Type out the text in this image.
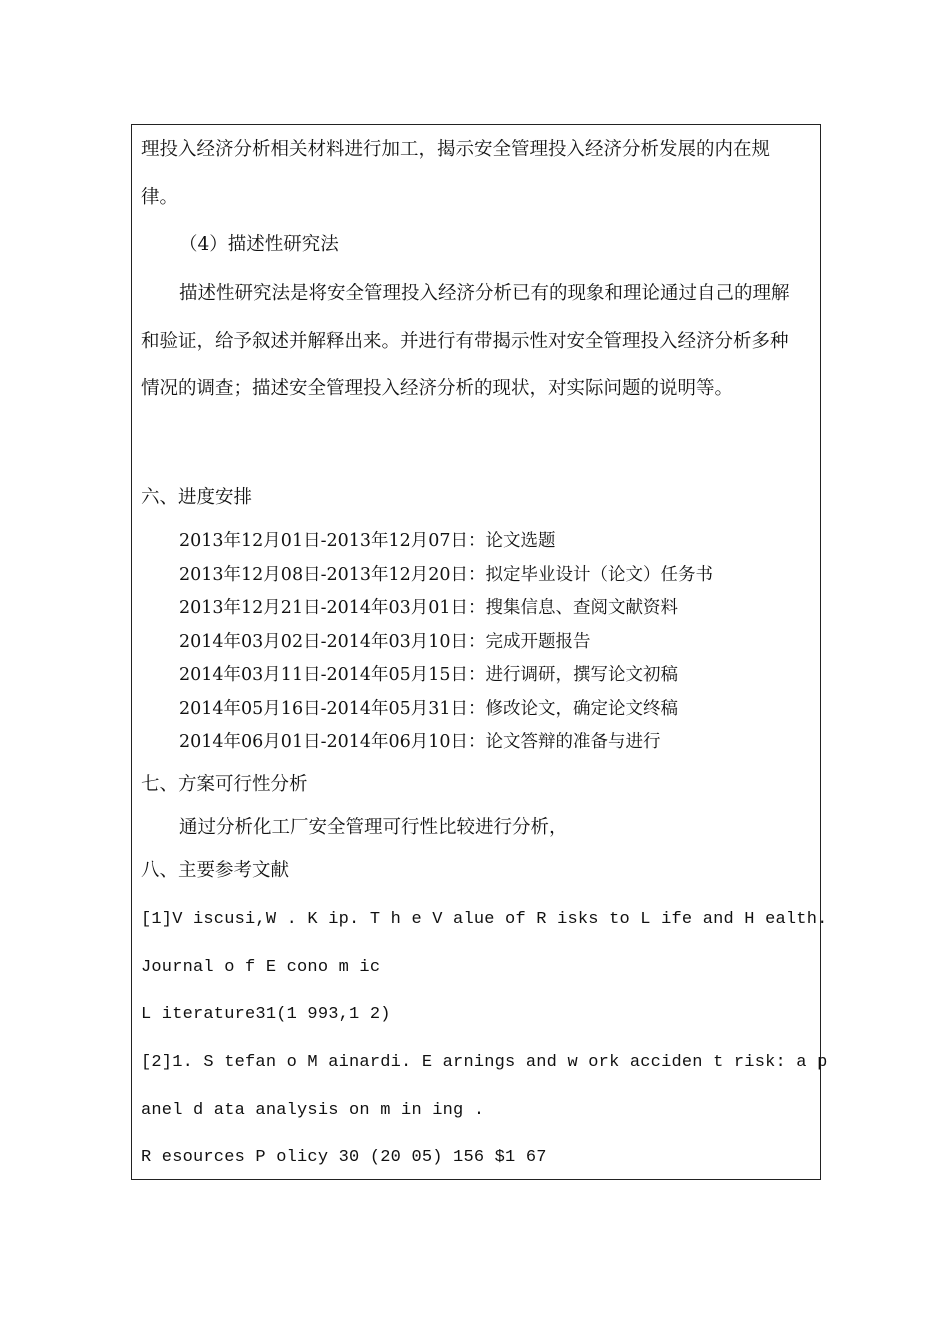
理投入经济分析相关材料进行加工，揭示安全管理投入经济分析发展的内在规
律。
（4）描述性研究法
描述性研究法是将安全管理投入经济分析已有的现象和理论通过自己的理解
和验证，给予叙述并解释出来。并进行有带揭示性对安全管理投入经济分析多种
情况的调查；描述安全管理投入经济分析的现状，对实际问题的说明等。
六、进度安排
2013年12月01日-2013年12月07日：论文选题
2013年12月08日-2013年12月20日：拟定毕业设计（论文）任务书
2013年12月21日-2014年03月01日：搜集信息、查阅文献资料
2014年03月02日-2014年03月10日：完成开题报告
2014年03月11日-2014年05月15日：进行调研，撰写论文初稿
2014年05月16日-2014年05月31日：修改论文，确定论文终稿
2014年06月01日-2014年06月10日：论文答辩的准备与进行
七、方案可行性分析
通过分析化工厂安全管理可行性比较进行分析，
八、主要参考文献
[1]V iscusi,W . K ip. T h e V alue of R isks to L ife and H ealth.
Journal o f E cono m ic
L iterature31(1 993,1 2)
[2]1. S tefan o M ainardi. E arnings and w ork acciden t risk: a p
anel d ata analysis on m in ing .
R esources P olicy 30 (20 05) 156 $1 67
